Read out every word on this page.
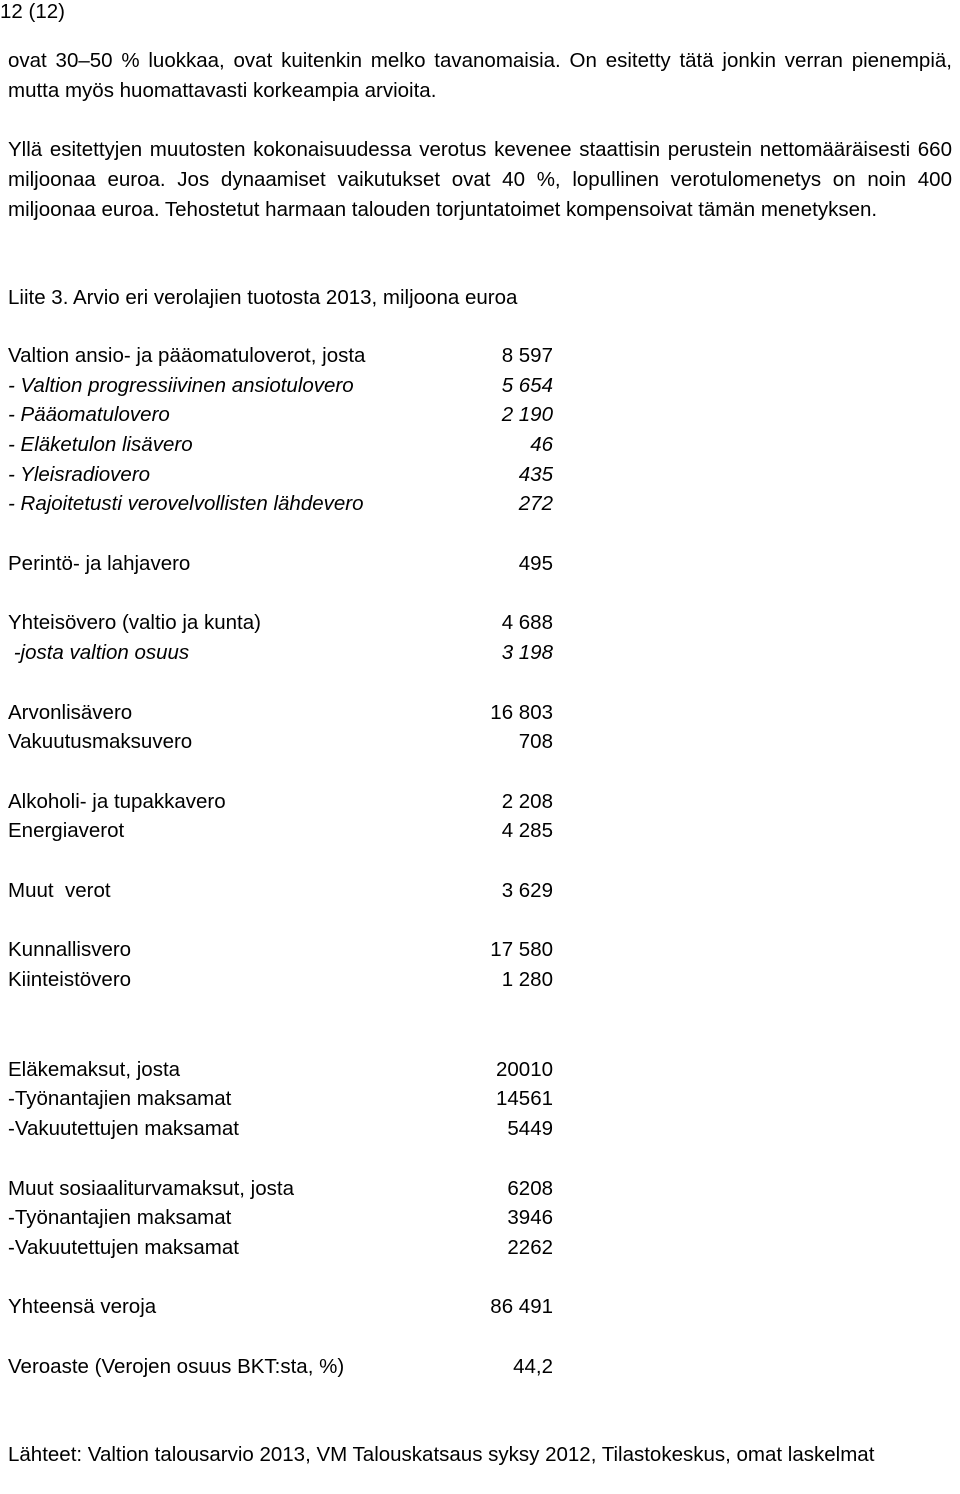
12 (12)

ovat 30–50 % luokkaa, ovat kuitenkin melko tavanomaisia. On esitetty tätä jonkin verran pienempiä, mutta myös huomattavasti korkeampia arvioita.

Yllä esitettyjen muutosten kokonaisuudessa verotus kevenee staattisin perustein nettomääräisesti 660 miljoonaa euroa. Jos dynaamiset vaikutukset ovat 40 %, lopullinen verotulomenetys on noin 400 miljoonaa euroa. Tehostetut harmaan talouden torjuntatoimet kompensoivat tämän menetyksen.

Liite 3. Arvio eri verolajien tuotosta 2013, miljoona euroa
Valtion ansio- ja pääomatuloverot, josta	8 597
- Valtion progressiivinen ansiotulovero	5 654
- Pääomatulovero	2 190
- Eläketulon lisävero	46
- Yleisradiovero	435
- Rajoitetusti verovelvollisten lähdevero	272
Perintö- ja lahjavero	495
Yhteisövero (valtio ja kunta)	4 688
-josta valtion osuus	3 198
Arvonlisävero	16 803
Vakuutusmaksuvero	708
Alkoholi- ja tupakkavero	2 208
Energiaverot	4 285
Muut  verot	3 629
Kunnallisvero	17 580
Kiinteistövero	1 280
Eläkemaksut, josta	20010
-Työnantajien maksamat	14561
-Vakuutettujen maksamat	5449
Muut sosiaaliturvamaksut, josta	6208
-Työnantajien maksamat	3946
-Vakuutettujen maksamat	2262
Yhteensä veroja	86 491
Veroaste (Verojen osuus BKT:sta, %)	44,2

Lähteet: Valtion talousarvio 2013, VM Talouskatsaus syksy 2012, Tilastokeskus, omat laskelmat
